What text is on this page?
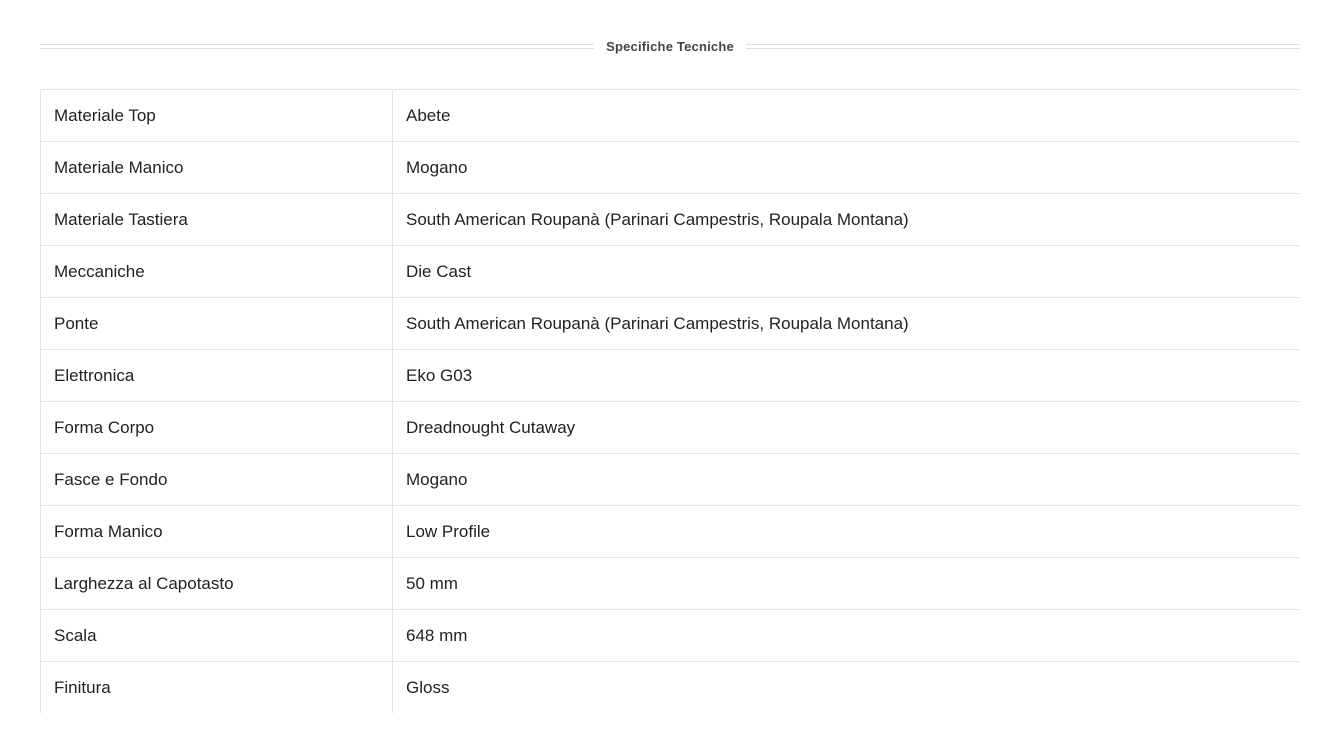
Specifiche Tecniche
Materiale Top	Abete
Materiale Manico	Mogano
Materiale Tastiera	South American Roupanà (Parinari Campestris, Roupala Montana)
Meccaniche	Die Cast
Ponte	South American Roupanà (Parinari Campestris, Roupala Montana)
Elettronica	Eko G03
Forma Corpo	Dreadnought Cutaway
Fasce e Fondo	Mogano
Forma Manico	Low Profile
Larghezza al Capotasto	50 mm
Scala	648 mm
Finitura	Gloss
